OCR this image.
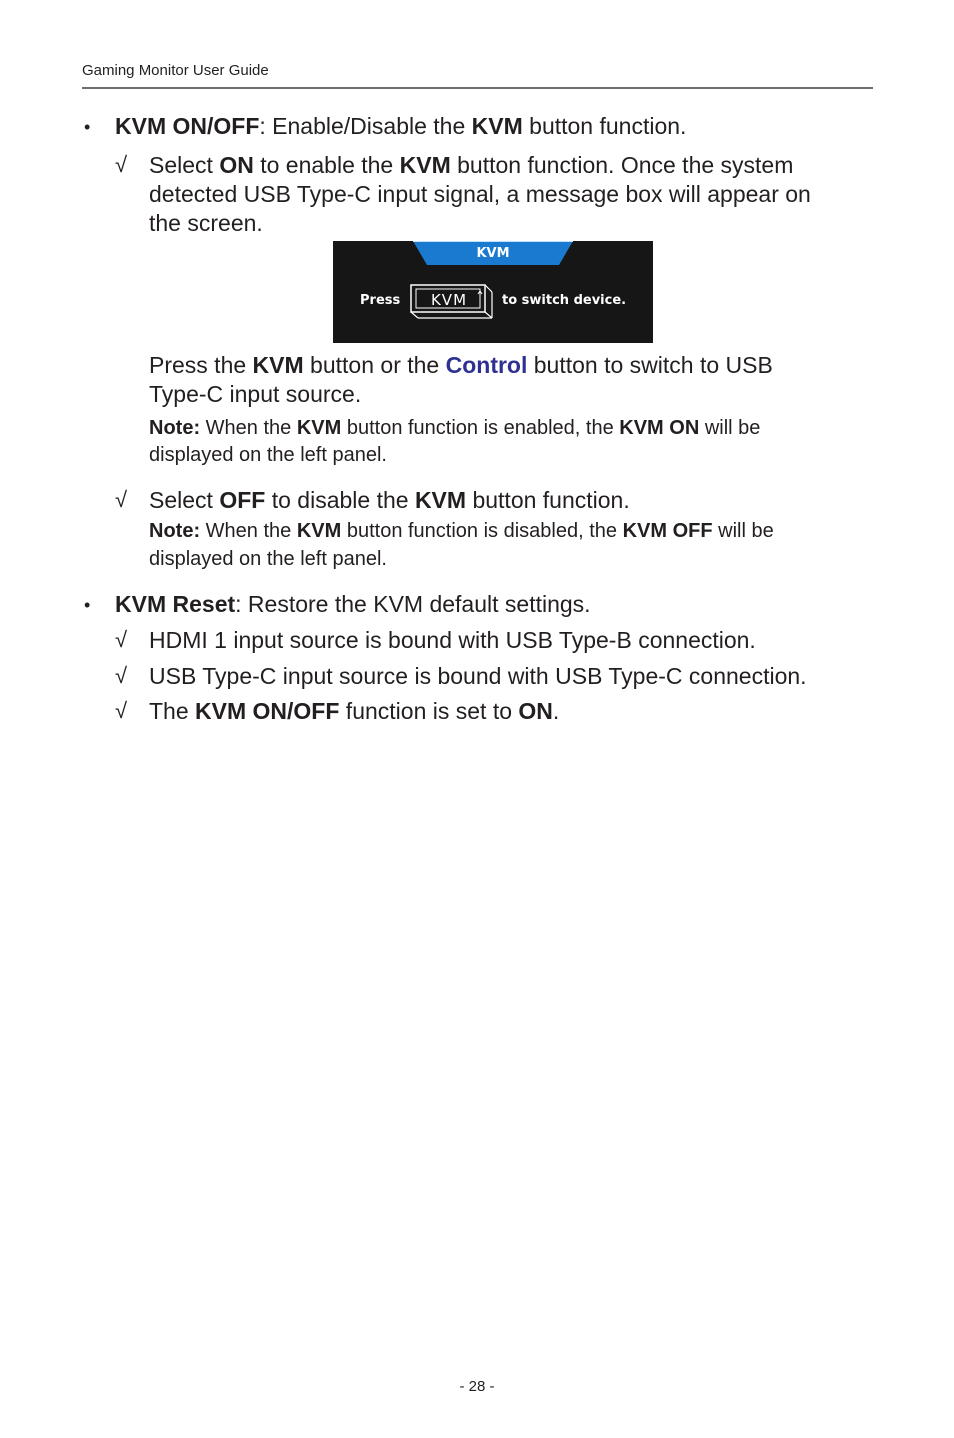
Gaming Monitor User Guide
• KVM ON/OFF: Enable/Disable the KVM button function.
√ Select ON to enable the KVM button function. Once the system
detected USB Type-C input signal, a message box will appear on
the screen.
KVM
Press	KVM	to switch device.
Press the KVM button or the Control button to switch to USB
Type-C input source.
Note: When the KVM button function is enabled, the KVM ON will be
displayed on the left panel.
√ Select OFF to disable the KVM button function.
Note: When the KVM button function is disabled, the KVM OFF will be
displayed on the left panel.
• KVM Reset: Restore the KVM default settings.
√ HDMI 1 input source is bound with USB Type-B connection.
√ USB Type-C input source is bound with USB Type-C connection.
√ The KVM ON/OFF function is set to ON.
- 28 -
